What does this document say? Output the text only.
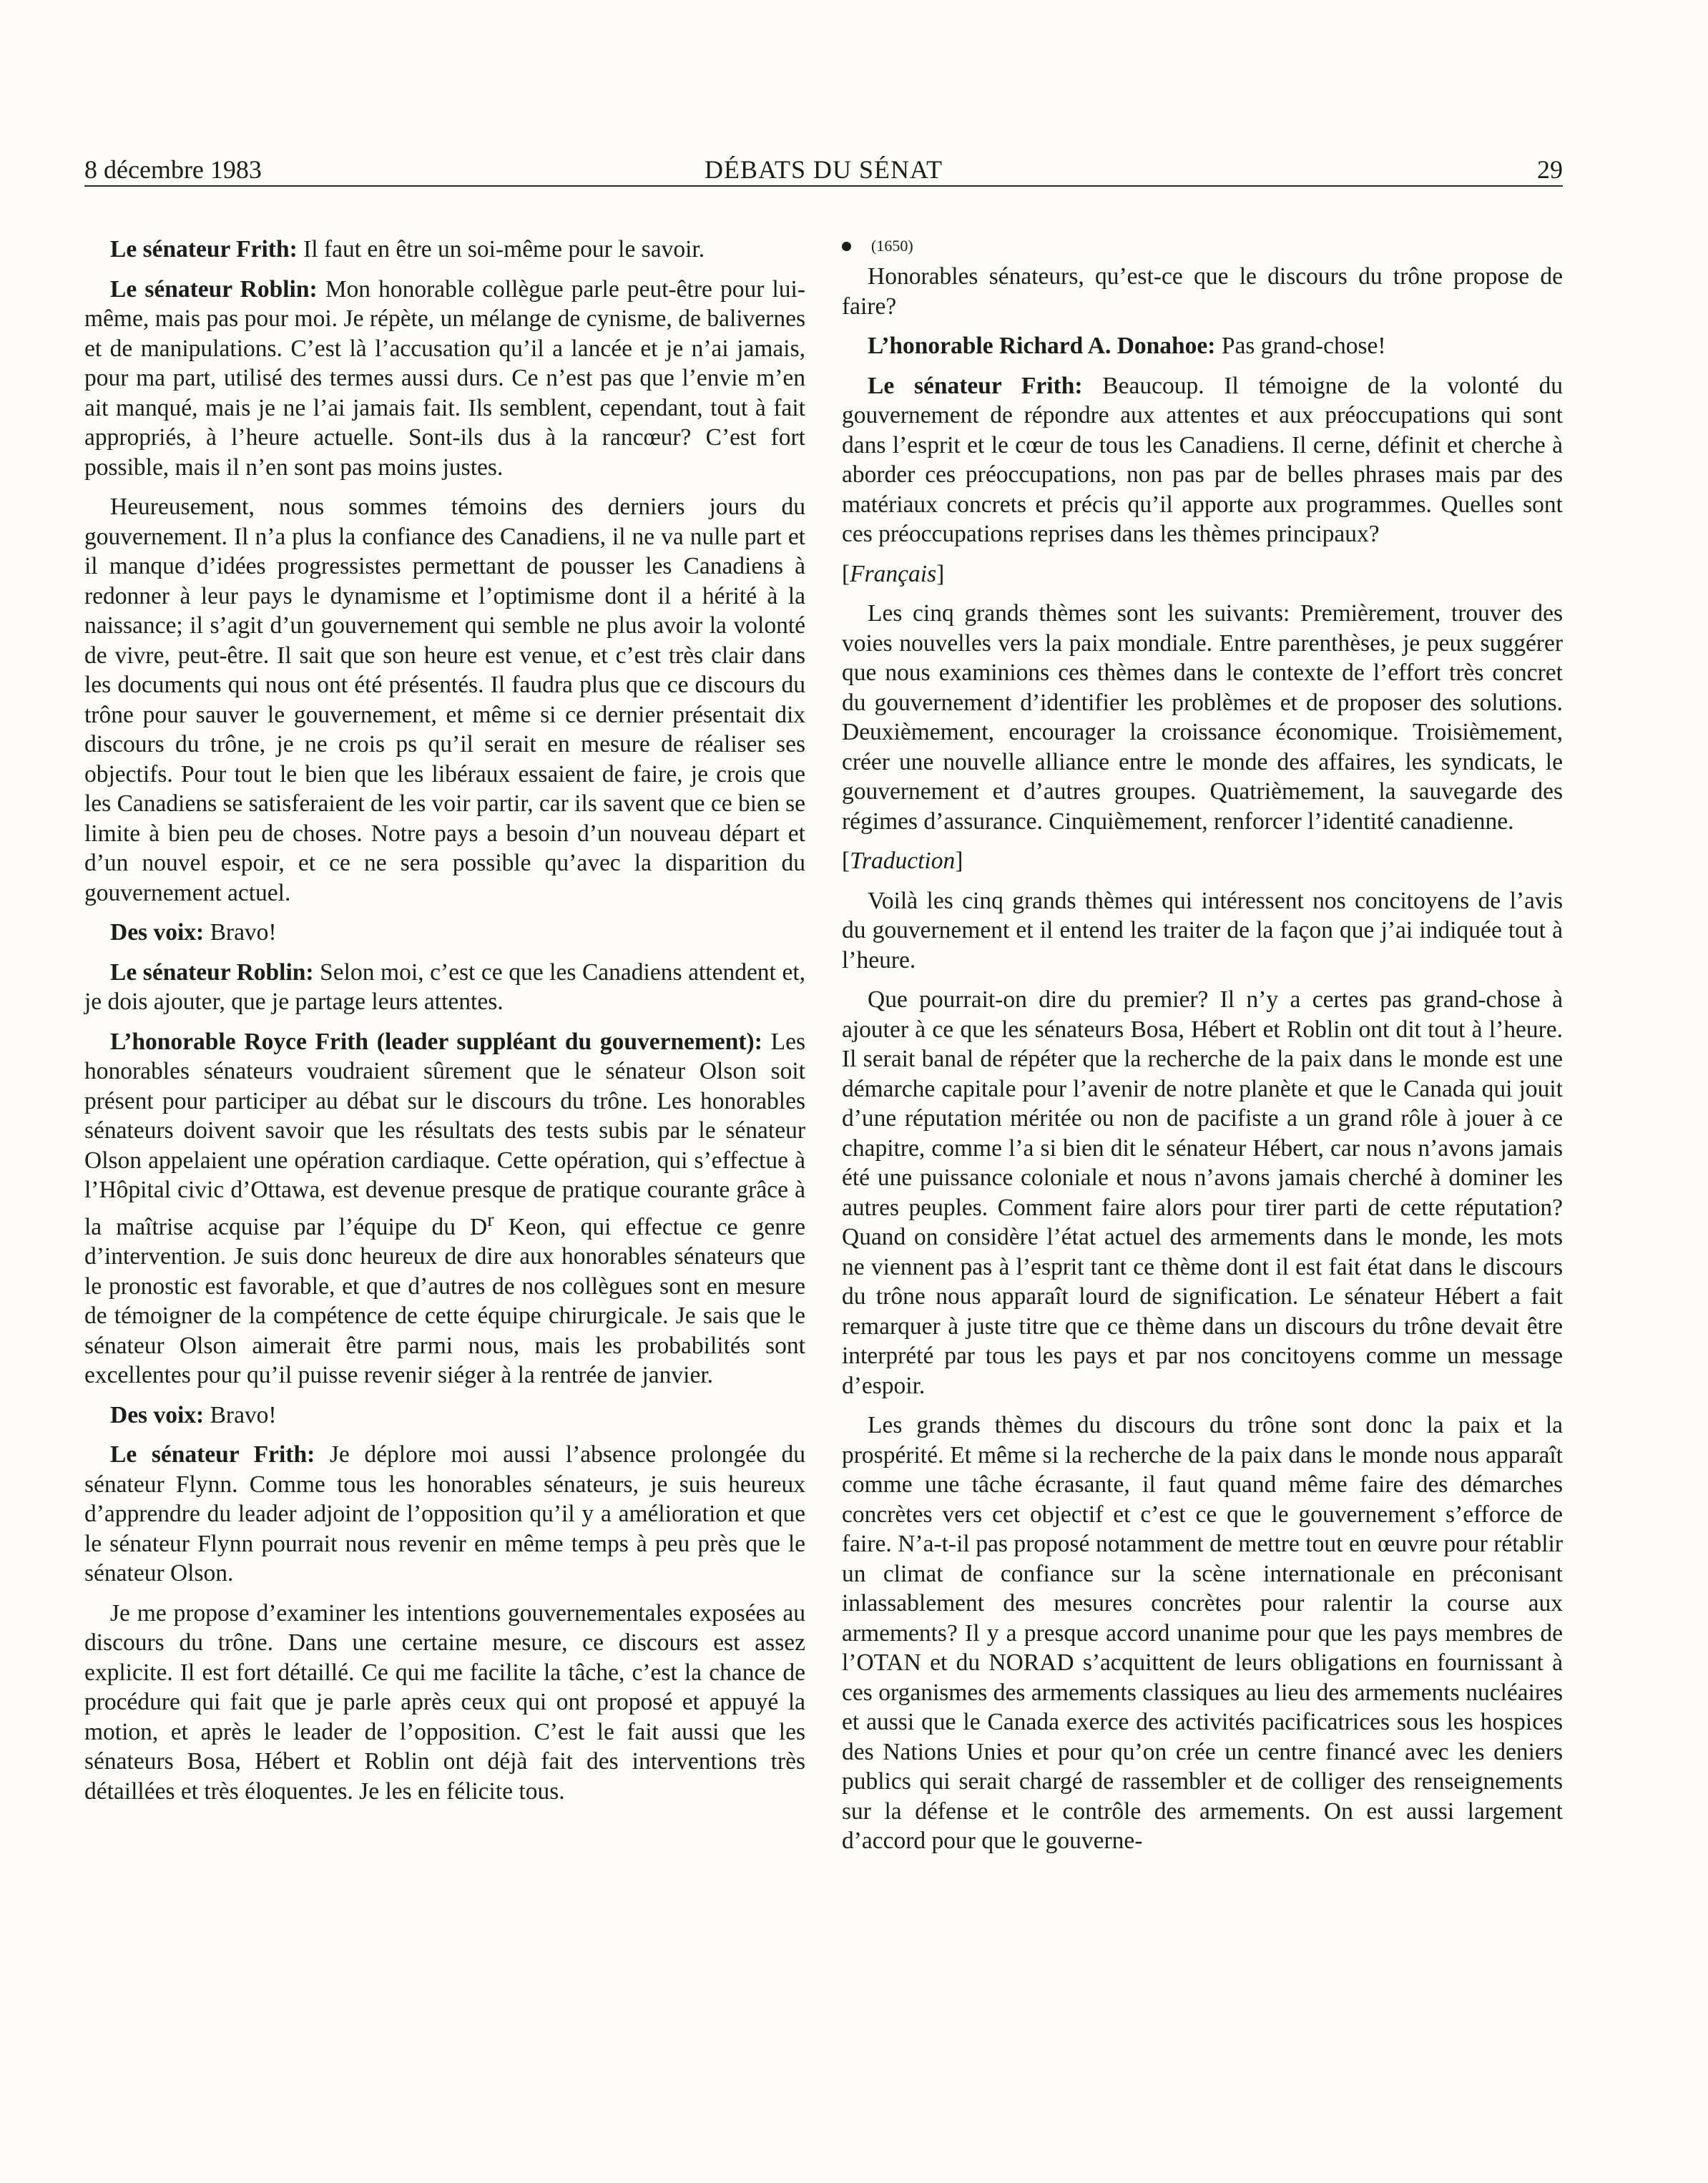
8 décembre 1983	DÉBATS DU SÉNAT	29

Le sénateur Frith: Il faut en être un soi-même pour le savoir.

Le sénateur Roblin: Mon honorable collègue parle peut-être pour lui-même, mais pas pour moi. Je répète, un mélange de cynisme, de balivernes et de manipulations. C’est là l’accusation qu’il a lancée et je n’ai jamais, pour ma part, utilisé des termes aussi durs. Ce n’est pas que l’envie m’en ait manqué, mais je ne l’ai jamais fait. Ils semblent, cependant, tout à fait appropriés, à l’heure actuelle. Sont-ils dus à la rancœur? C’est fort possible, mais il n’en sont pas moins justes.

Heureusement, nous sommes témoins des derniers jours du gouvernement. Il n’a plus la confiance des Canadiens, il ne va nulle part et il manque d’idées progressistes permettant de pousser les Canadiens à redonner à leur pays le dynamisme et l’optimisme dont il a hérité à la naissance; il s’agit d’un gouvernement qui semble ne plus avoir la volonté de vivre, peut-être. Il sait que son heure est venue, et c’est très clair dans les documents qui nous ont été présentés. Il faudra plus que ce discours du trône pour sauver le gouvernement, et même si ce dernier présentait dix discours du trône, je ne crois ps qu’il serait en mesure de réaliser ses objectifs. Pour tout le bien que les libéraux essaient de faire, je crois que les Canadiens se satisferaient de les voir partir, car ils savent que ce bien se limite à bien peu de choses. Notre pays a besoin d’un nouveau départ et d’un nouvel espoir, et ce ne sera possible qu’avec la disparition du gouvernement actuel.

Des voix: Bravo!

Le sénateur Roblin: Selon moi, c’est ce que les Canadiens attendent et, je dois ajouter, que je partage leurs attentes.

L’honorable Royce Frith (leader suppléant du gouvernement): Les honorables sénateurs voudraient sûrement que le sénateur Olson soit présent pour participer au débat sur le discours du trône. Les honorables sénateurs doivent savoir que les résultats des tests subis par le sénateur Olson appelaient une opération cardiaque. Cette opération, qui s’effectue à l’Hôpital civic d’Ottawa, est devenue presque de pratique courante grâce à la maîtrise acquise par l’équipe du $D^r$ Keon, qui effectue ce genre d’intervention. Je suis donc heureux de dire aux honorables sénateurs que le pronostic est favorable, et que d’autres de nos collègues sont en mesure de témoigner de la compétence de cette équipe chirurgicale. Je sais que le sénateur Olson aimerait être parmi nous, mais les probabilités sont excellentes pour qu’il puisse revenir siéger à la rentrée de janvier.

Des voix: Bravo!

Le sénateur Frith: Je déplore moi aussi l’absence prolongée du sénateur Flynn. Comme tous les honorables sénateurs, je suis heureux d’apprendre du leader adjoint de l’opposition qu’il y a amélioration et que le sénateur Flynn pourrait nous revenir en même temps à peu près que le sénateur Olson.

Je me propose d’examiner les intentions gouvernementales exposées au discours du trône. Dans une certaine mesure, ce discours est assez explicite. Il est fort détaillé. Ce qui me facilite la tâche, c’est la chance de procédure qui fait que je parle après ceux qui ont proposé et appuyé la motion, et après le leader de l’opposition. C’est le fait aussi que les sénateurs Bosa, Hébert et Roblin ont déjà fait des interventions très détaillées et très éloquentes. Je les en félicite tous.

(1650)

Honorables sénateurs, qu’est-ce que le discours du trône propose de faire?

L’honorable Richard A. Donahoe: Pas grand-chose!

Le sénateur Frith: Beaucoup. Il témoigne de la volonté du gouvernement de répondre aux attentes et aux préoccupations qui sont dans l’esprit et le cœur de tous les Canadiens. Il cerne, définit et cherche à aborder ces préoccupations, non pas par de belles phrases mais par des matériaux concrets et précis qu’il apporte aux programmes. Quelles sont ces préoccupations reprises dans les thèmes principaux?

[Français]

Les cinq grands thèmes sont les suivants: Premièrement, trouver des voies nouvelles vers la paix mondiale. Entre parenthèses, je peux suggérer que nous examinions ces thèmes dans le contexte de l’effort très concret du gouvernement d’identifier les problèmes et de proposer des solutions. Deuxièmement, encourager la croissance économique. Troisièmement, créer une nouvelle alliance entre le monde des affaires, les syndicats, le gouvernement et d’autres groupes. Quatrièmement, la sauvegarde des régimes d’assurance. Cinquièmement, renforcer l’identité canadienne.

[Traduction]

Voilà les cinq grands thèmes qui intéressent nos concitoyens de l’avis du gouvernement et il entend les traiter de la façon que j’ai indiquée tout à l’heure.

Que pourrait-on dire du premier? Il n’y a certes pas grand-chose à ajouter à ce que les sénateurs Bosa, Hébert et Roblin ont dit tout à l’heure. Il serait banal de répéter que la recherche de la paix dans le monde est une démarche capitale pour l’avenir de notre planète et que le Canada qui jouit d’une réputation méritée ou non de pacifiste a un grand rôle à jouer à ce chapitre, comme l’a si bien dit le sénateur Hébert, car nous n’avons jamais été une puissance coloniale et nous n’avons jamais cherché à dominer les autres peuples. Comment faire alors pour tirer parti de cette réputation? Quand on considère l’état actuel des armements dans le monde, les mots ne viennent pas à l’esprit tant ce thème dont il est fait état dans le discours du trône nous apparaît lourd de signification. Le sénateur Hébert a fait remarquer à juste titre que ce thème dans un discours du trône devait être interprété par tous les pays et par nos concitoyens comme un message d’espoir.

Les grands thèmes du discours du trône sont donc la paix et la prospérité. Et même si la recherche de la paix dans le monde nous apparaît comme une tâche écrasante, il faut quand même faire des démarches concrètes vers cet objectif et c’est ce que le gouvernement s’efforce de faire. N’a-t-il pas proposé notamment de mettre tout en œuvre pour rétablir un climat de confiance sur la scène internationale en préconisant inlassablement des mesures concrètes pour ralentir la course aux armements? Il y a presque accord unanime pour que les pays membres de l’OTAN et du NORAD s’acquittent de leurs obligations en fournissant à ces organismes des armements classiques au lieu des armements nucléaires et aussi que le Canada exerce des activités pacificatrices sous les hospices des Nations Unies et pour qu’on crée un centre financé avec les deniers publics qui serait chargé de rassembler et de colliger des renseignements sur la défense et le contrôle des armements. On est aussi largement d’accord pour que le gouverne-
